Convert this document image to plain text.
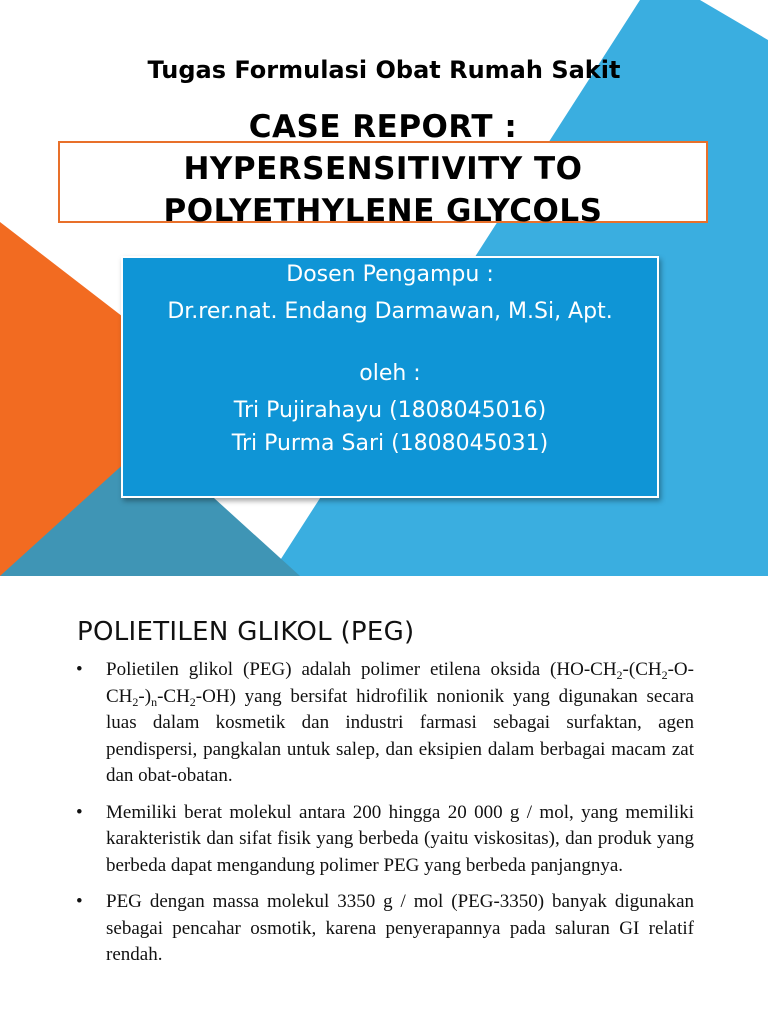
Tugas Formulasi Obat Rumah Sakit
CASE REPORT :
HYPERSENSITIVITY TO
POLYETHYLENE GLYCOLS
Dosen Pengampu :
Dr.rer.nat. Endang Darmawan, M.Si, Apt.
oleh :
Tri Pujirahayu (1808045016)
Tri Purma Sari (1808045031)
POLIETILEN GLIKOL (PEG)
• Polietilen glikol (PEG) adalah polimer etilena oksida $(HO-CH_2-(CH_2-O-CH_2-)_n-CH_2-OH)$ yang bersifat hidrofilik nonionik yang digunakan secara luas dalam kosmetik dan industri farmasi sebagai surfaktan, agen pendispersi, pangkalan untuk salep, dan eksipien dalam berbagai macam zat dan obat-obatan.
• Memiliki berat molekul antara 200 hingga 20 000 g / mol, yang memiliki karakteristik dan sifat fisik yang berbeda (yaitu viskositas), dan produk yang berbeda dapat mengandung polimer PEG yang berbeda panjangnya.
• PEG dengan massa molekul 3350 g / mol (PEG-3350) banyak digunakan sebagai pencahar osmotik, karena penyerapannya pada saluran GI relatif rendah.
